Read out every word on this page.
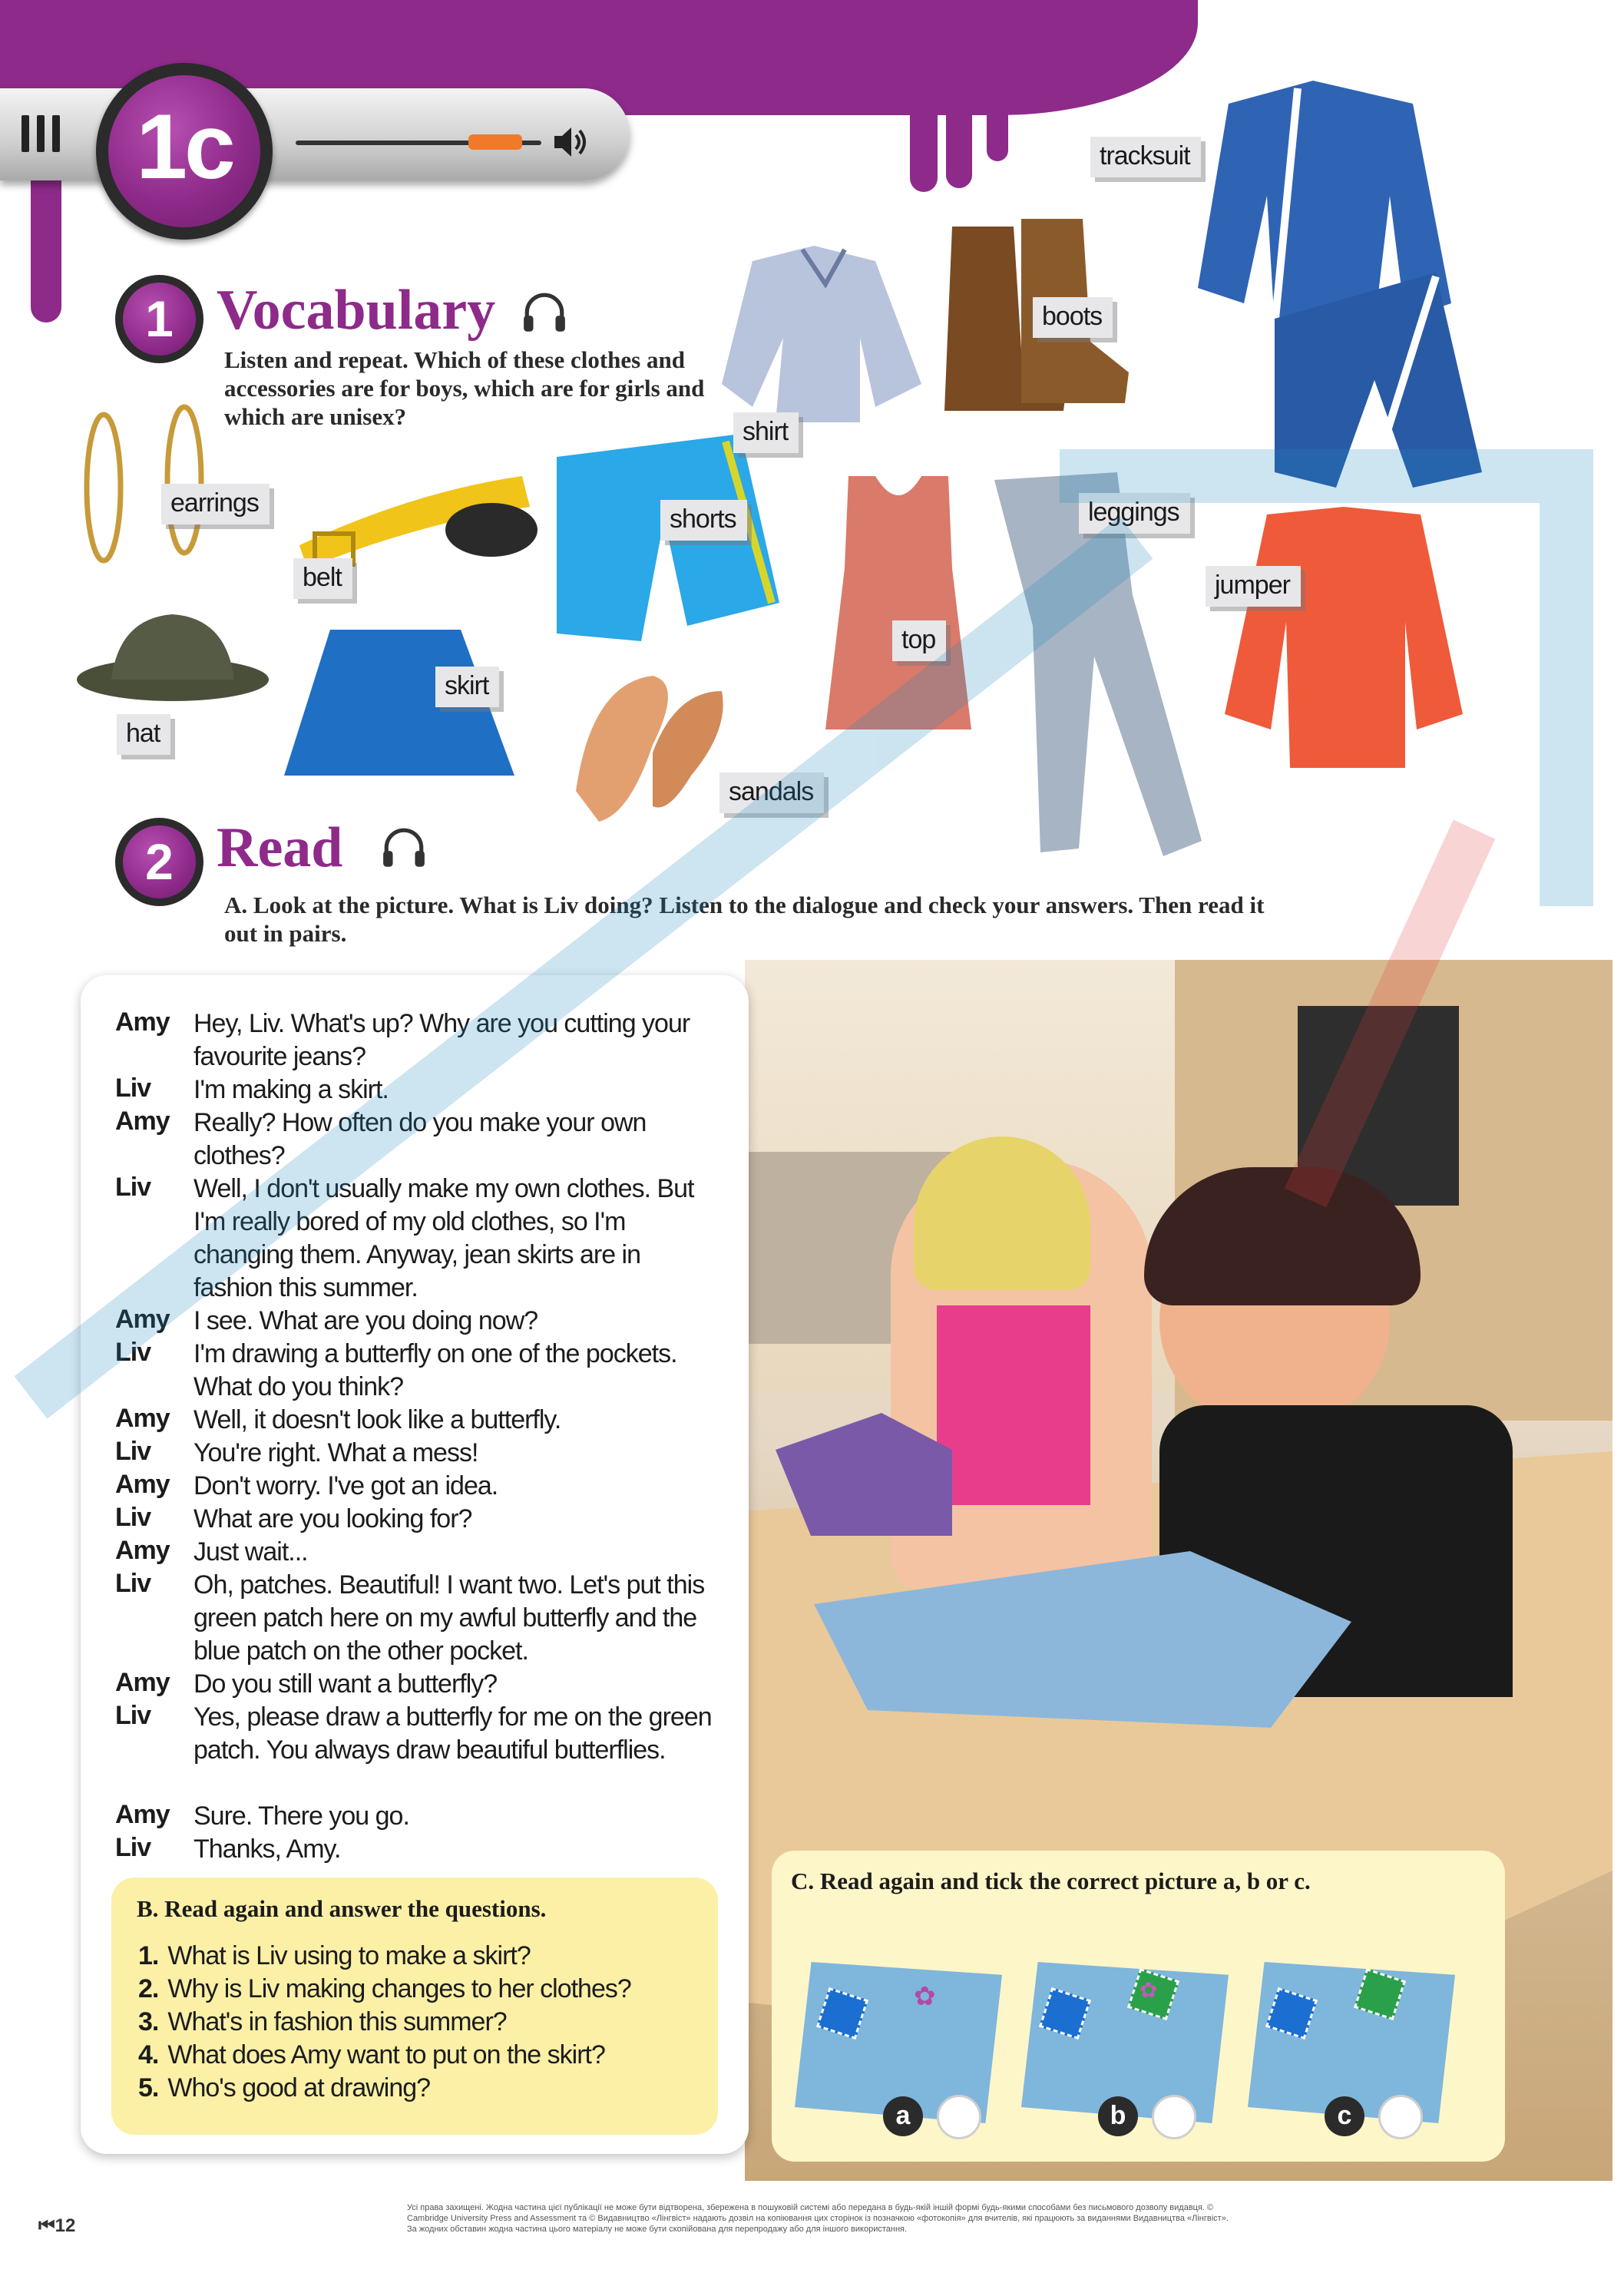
1c
1 Vocabulary
Listen and repeat. Which of these clothes and accessories are for boys, which are for girls and which are unisex?
tracksuit
boots
shirt
earrings
shorts	leggings
jumper
belt
top
skirt
hat
sandals
2 Read
A. Look at the picture. What is Liv doing? Listen to the dialogue and check your answers. Then read it out in pairs.
Amy Hey, Liv. What's up? Why are you cutting your favourite jeans?
Liv I'm making a skirt.
Amy Really? How often do you make your own clothes?
Liv Well, I don't usually make my own clothes. But I'm really bored of my old clothes, so I'm changing them. Anyway, jean skirts are in fashion this summer.
Amy I see. What are you doing now?
Liv I'm drawing a butterfly on one of the pockets. What do you think?
Amy Well, it doesn't look like a butterfly.
Liv You're right. What a mess!
Amy Don't worry. I've got an idea.
Liv What are you looking for?
Amy Just wait...
Liv Oh, patches. Beautiful! I want two. Let's put this green patch here on my awful butterfly and the blue patch on the other pocket.
Amy Do you still want a butterfly?
Liv Yes, please draw a butterfly for me on the green patch. You always draw beautiful butterflies.
Amy Sure. There you go.
Liv Thanks, Amy.
B. Read again and answer the questions.
1. What is Liv using to make a skirt?
2. Why is Liv making changes to her clothes?
3. What's in fashion this summer?
4. What does Amy want to put on the skirt?
5. Who's good at drawing?
C. Read again and tick the correct picture a, b or c.
✿	✿
a	b	c
⏮12
Усі права захищені. Жодна частина цієї публікації не може бути відтворена, збережена в пошуковій системі або передана в будь-якій іншій формі будь-якими способами без письмового дозволу видавця. © Cambridge University Press and Assessment та © Видавництво «Лінгвіст» надають дозвіл на копіювання цих сторінок із позначкою «фотокопія» для вчителів, які працюють за виданнями Видавництва «Лінгвіст». За жодних обставин жодна частина цього матеріалу не може бути скопійована для перепродажу або для іншого використання.
